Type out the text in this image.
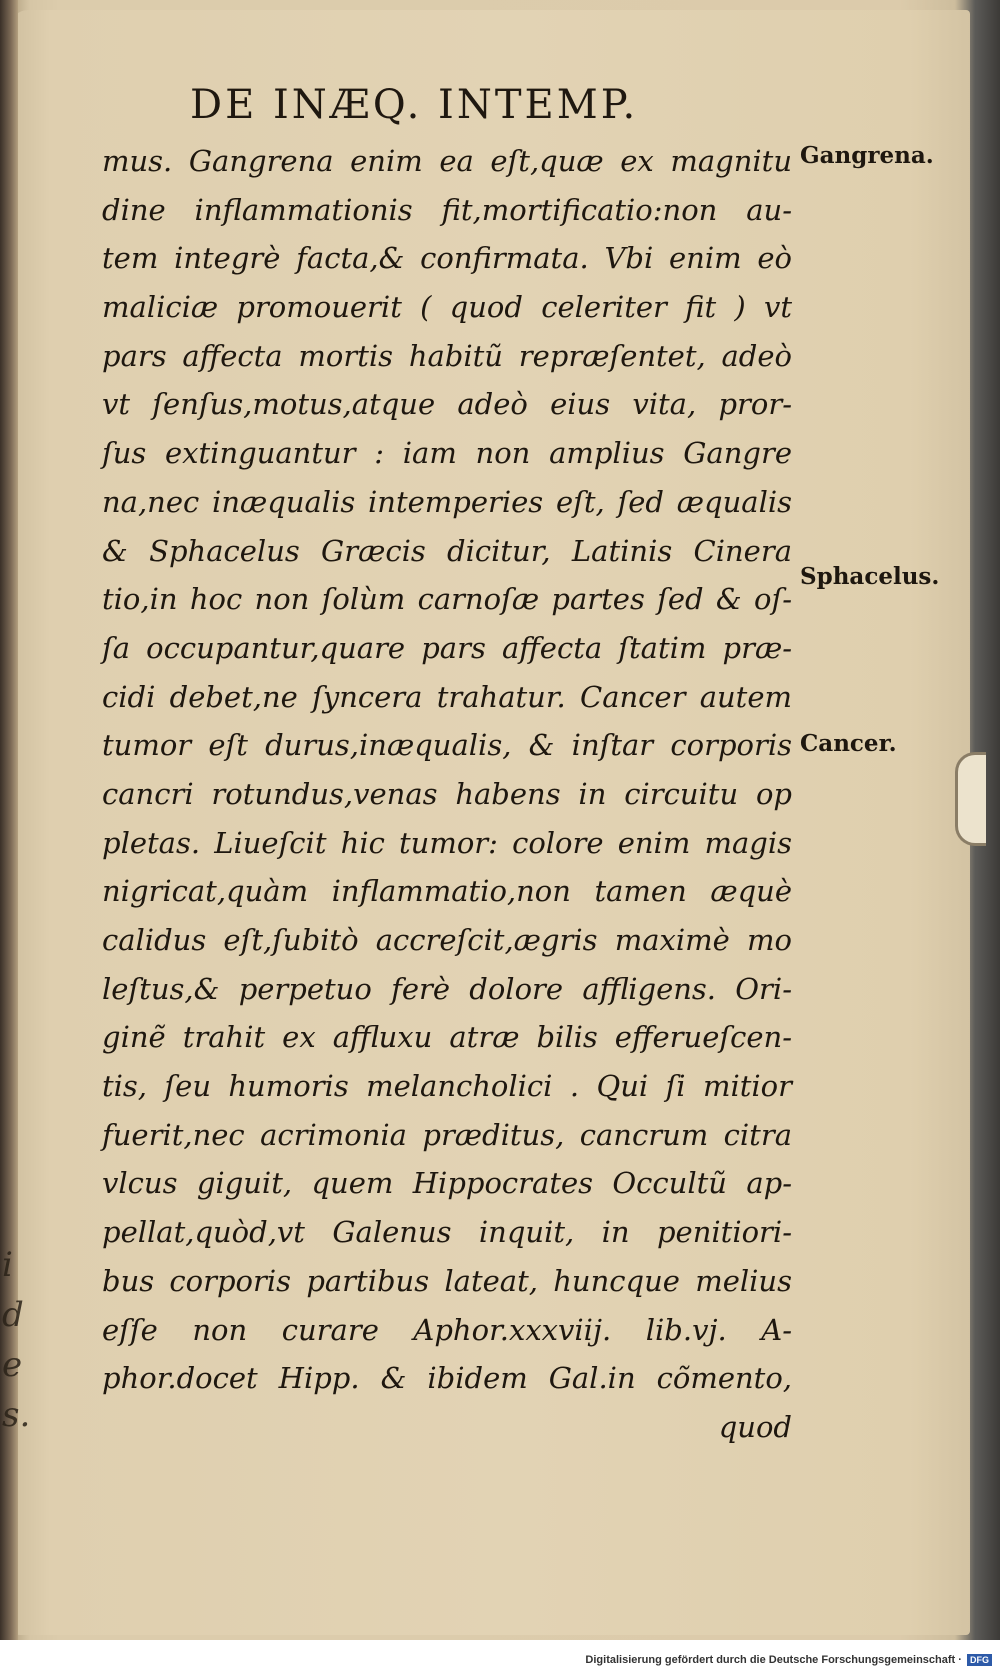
i
d
e
s.
DE INÆQ. INTEMP.
mus. Gangrena enim ea eſt,quæ ex magnitu
dine inflammationis fit,mortificatio:non au-
tem integrè facta,& confirmata. Vbi enim eò
maliciæ promouerit ( quod celeriter fit ) vt
pars affecta mortis habitũ repræſentet, adeò
vt ſenſus,motus,atque adeò eius vita, pror-
ſus extinguantur : iam non amplius Gangre
na,nec inæqualis intemperies eſt, ſed æqualis
& Sphacelus Græcis dicitur, Latinis Cinera
tio,in hoc non ſolùm carnoſæ partes ſed & oſ-
ſa occupantur,quare pars affecta ſtatim præ-
cidi debet,ne ſyncera trahatur. Cancer autem
tumor eſt durus,inæqualis, & inſtar corporis
cancri rotundus,venas habens in circuitu op
pletas. Liueſcit hic tumor: colore enim magis
nigricat,quàm inflammatio,non tamen æquè
calidus eſt,ſubitò accreſcit,ægris maximè mo
leſtus,& perpetuo ferè dolore affligens. Ori-
ginẽ trahit ex affluxu atræ bilis efferueſcen-
tis, ſeu humoris melancholici . Qui ſi mitior
fuerit,nec acrimonia præditus, cancrum citra
vlcus giguit, quem Hippocrates Occultũ ap-
pellat,quòd,vt Galenus inquit, in penitiori-
bus corporis partibus lateat, huncque melius
eſſe non curare Aphor.xxxviij. lib.vj. A-
phor.docet Hipp. & ibidem Gal.in cõmento,
quod
Gangrena.
Sphacelus.
Cancer.
Digitalisierung gefördert durch die Deutsche Forschungsgemeinschaft · DFG
